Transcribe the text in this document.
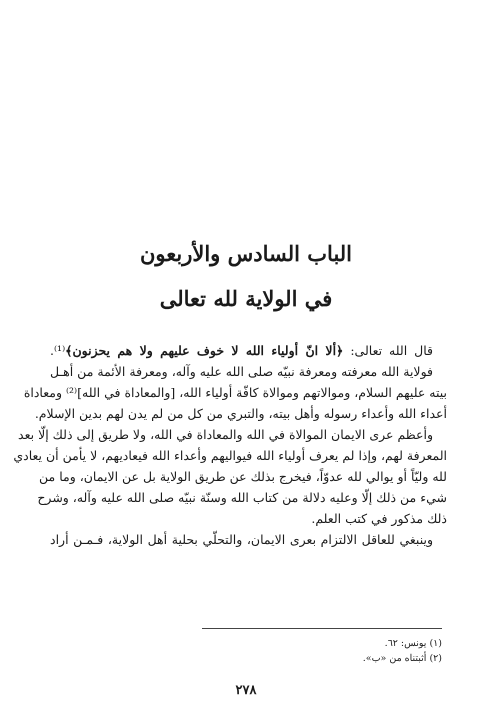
الباب السادس والأربعون
في الولاية لله تعالى
قال الله تعالى: ﴿ألا انّ أولياء الله لا خوف عليهم ولا هم يحزنون﴾⁽¹⁾.
فولاية الله معرفته ومعرفة نبيّه صلى الله عليه وآله، ومعرفة الأئمة من أهـل
بيته عليهم السلام، وموالاتهم وموالاة كافّة أولياء الله، [والمعاداة في الله]⁽²⁾ ومعاداة
أعداء الله وأعداء رسوله وأهل بيته، والتبري من كل من لم يدن لهم بدين الإسلام.
وأعظم عرى الايمان الموالاة في الله والمعاداة في الله، ولا طريق إلى ذلك إلّا بعد
المعرفة لهم، وإذا لم يعرف أولياء الله فيواليهم وأعداء الله فيعاديهم، لا يأمن أن يعادي
لله وليّاً أو يوالي لله عدوّاً، فيخرج بذلك عن طريق الولاية بل عن الايمان، وما من
شيء من ذلك إلّا وعليه دلالة من كتاب الله وسنّة نبيّه صلى الله عليه وآله، وشرح
ذلك مذكور في كتب العلم.
وينبغي للعاقل الالتزام بعرى الايمان، والتحلّي بحلية أهل الولاية، فـمـن أراد
(١) يونس: ٦٢.
(٢) أثبتناه من «ب».
٢٧٨
